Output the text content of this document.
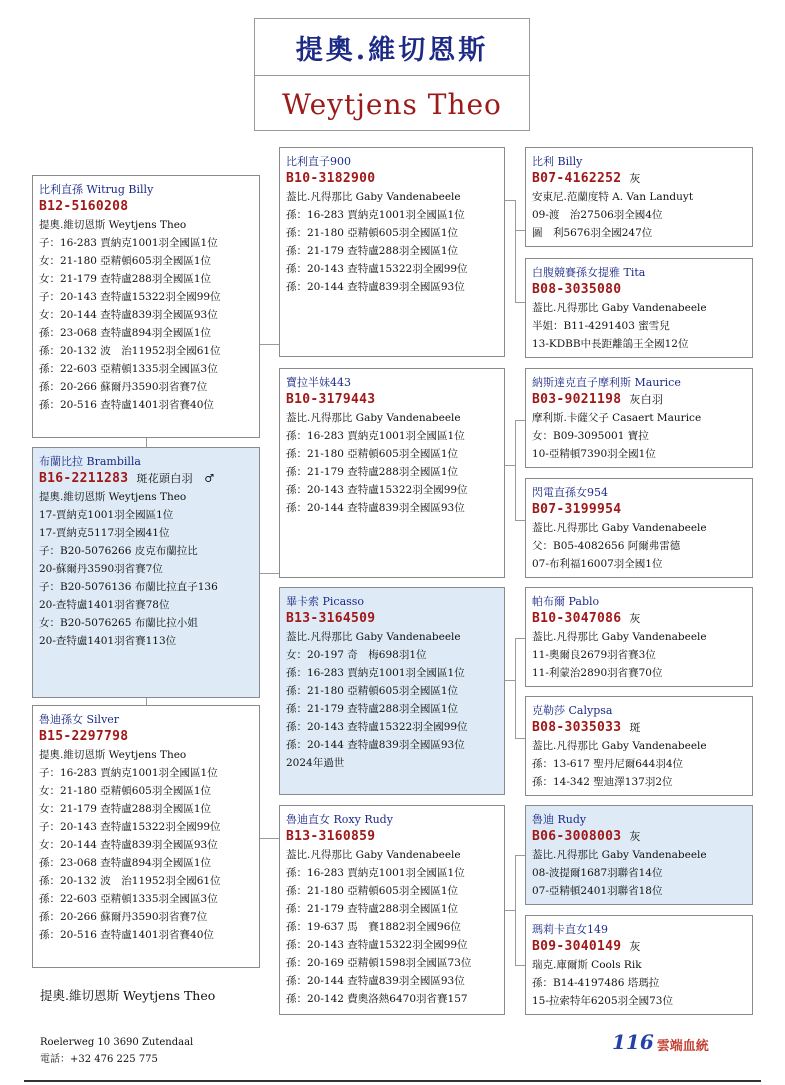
提奧.維切恩斯
Weytjens Theo
比利直孫 Witrug Billy
B12-5160208
提奧.維切恩斯 Weytjens Theo
子：16-283 賈納克1001羽全國區1位
女：21-180 亞精頓605羽全國區1位
女：21-179 查特盧288羽全國區1位
子：20-143 查特盧15322羽全國99位
女：20-144 查特盧839羽全國區93位
孫：23-068 查特盧894羽全國區1位
孫：20-132 波　治11952羽全國61位
孫：22-603 亞精頓1335羽全國區3位
孫：20-266 蘇爾丹3590羽省賽7位
孫：20-516 查特盧1401羽省賽40位
布蘭比拉 Brambilla
B16-2211283 斑花頭白羽　♂
提奧.維切恩斯 Weytjens Theo
17-賈納克1001羽全國區1位
17-賈納克5117羽全國41位
子：B20-5076266 皮克布蘭拉比
20-蘇爾丹3590羽省賽7位
子：B20-5076136 布蘭比拉直子136
20-查特盧1401羽省賽78位
女：B20-5076265 布蘭比拉小姐
20-查特盧1401羽省賽113位
魯迪孫女 Silver
B15-2297798
提奧.維切恩斯 Weytjens Theo
子：16-283 賈納克1001羽全國區1位
女：21-180 亞精頓605羽全國區1位
女：21-179 查特盧288羽全國區1位
子：20-143 查特盧15322羽全國99位
女：20-144 查特盧839羽全國區93位
孫：23-068 查特盧894羽全國區1位
孫：20-132 波　治11952羽全國61位
孫：22-603 亞精頓1335羽全國區3位
孫：20-266 蘇爾丹3590羽省賽7位
孫：20-516 查特盧1401羽省賽40位
比利直子900
B10-3182900
葢比.凡得那比 Gaby Vandenabeele
孫：16-283 賈納克1001羽全國區1位
孫：21-180 亞精頓605羽全國區1位
孫：21-179 查特盧288羽全國區1位
孫：20-143 查特盧15322羽全國99位
孫：20-144 查特盧839羽全國區93位
寶拉半妹443
B10-3179443
葢比.凡得那比 Gaby Vandenabeele
孫：16-283 賈納克1001羽全國區1位
孫：21-180 亞精頓605羽全國區1位
孫：21-179 查特盧288羽全國區1位
孫：20-143 查特盧15322羽全國99位
孫：20-144 查特盧839羽全國區93位
畢卡索 Picasso
B13-3164509
葢比.凡得那比 Gaby Vandenabeele
女：20-197 奇　梅698羽1位
孫：16-283 賈納克1001羽全國區1位
孫：21-180 亞精頓605羽全國區1位
孫：21-179 查特盧288羽全國區1位
孫：20-143 查特盧15322羽全國99位
孫：20-144 查特盧839羽全國區93位
2024年過世
魯迪直女 Roxy Rudy
B13-3160859
葢比.凡得那比 Gaby Vandenabeele
孫：16-283 賈納克1001羽全國區1位
孫：21-180 亞精頓605羽全國區1位
孫：21-179 查特盧288羽全國區1位
孫：19-637 馬　賽1882羽全國96位
孫：20-143 查特盧15322羽全國99位
孫：20-169 亞精頓1598羽全國區73位
孫：20-144 查特盧839羽全國區93位
孫：20-142 費奧洛熱6470羽省賽157
比利 Billy
B07-4162252 灰
安東尼.范蘭度特 A. Van Landuyt
09-渡　治27506羽全國4位
圖　利5676羽全國247位
白腹競賽孫女提雅 Tita
B08-3035080
葢比.凡得那比 Gaby Vandenabeele
半姐：B11-4291403 蜜雪兒
13-KDBB中長距離鴿王全國12位
納斯達克直子摩利斯 Maurice
B03-9021198 灰白羽
摩利斯.卡薩父子 Casaert Maurice
女：B09-3095001 寶拉
10-亞精頓7390羽全國1位
閃電直孫女954
B07-3199954
葢比.凡得那比 Gaby Vandenabeele
父：B05-4082656 阿爾弗雷德
07-布利福16007羽全國1位
帕布爾 Pablo
B10-3047086 灰
葢比.凡得那比 Gaby Vandenabeele
11-奧爾良2679羽省賽3位
11-利蒙治2890羽省賽70位
克勒莎 Calypsa
B08-3035033 斑
葢比.凡得那比 Gaby Vandenabeele
孫：13-617 聖丹尼爾644羽4位
孫：14-342 聖迪澤137羽2位
魯迪 Rudy
B06-3008003 灰
葢比.凡得那比 Gaby Vandenabeele
08-波提爾1687羽聯省14位
07-亞精頓2401羽聯省18位
瑪莉卡直女149
B09-3040149 灰
瑞克.庫爾斯 Cools Rik
孫：B14-4197486 塔瑪拉
15-拉索特年6205羽全國73位
提奧.維切恩斯 Weytjens Theo
Roelerweg 10 3690 Zutendaal
電話：+32 476 225 775
116 雲端血統
